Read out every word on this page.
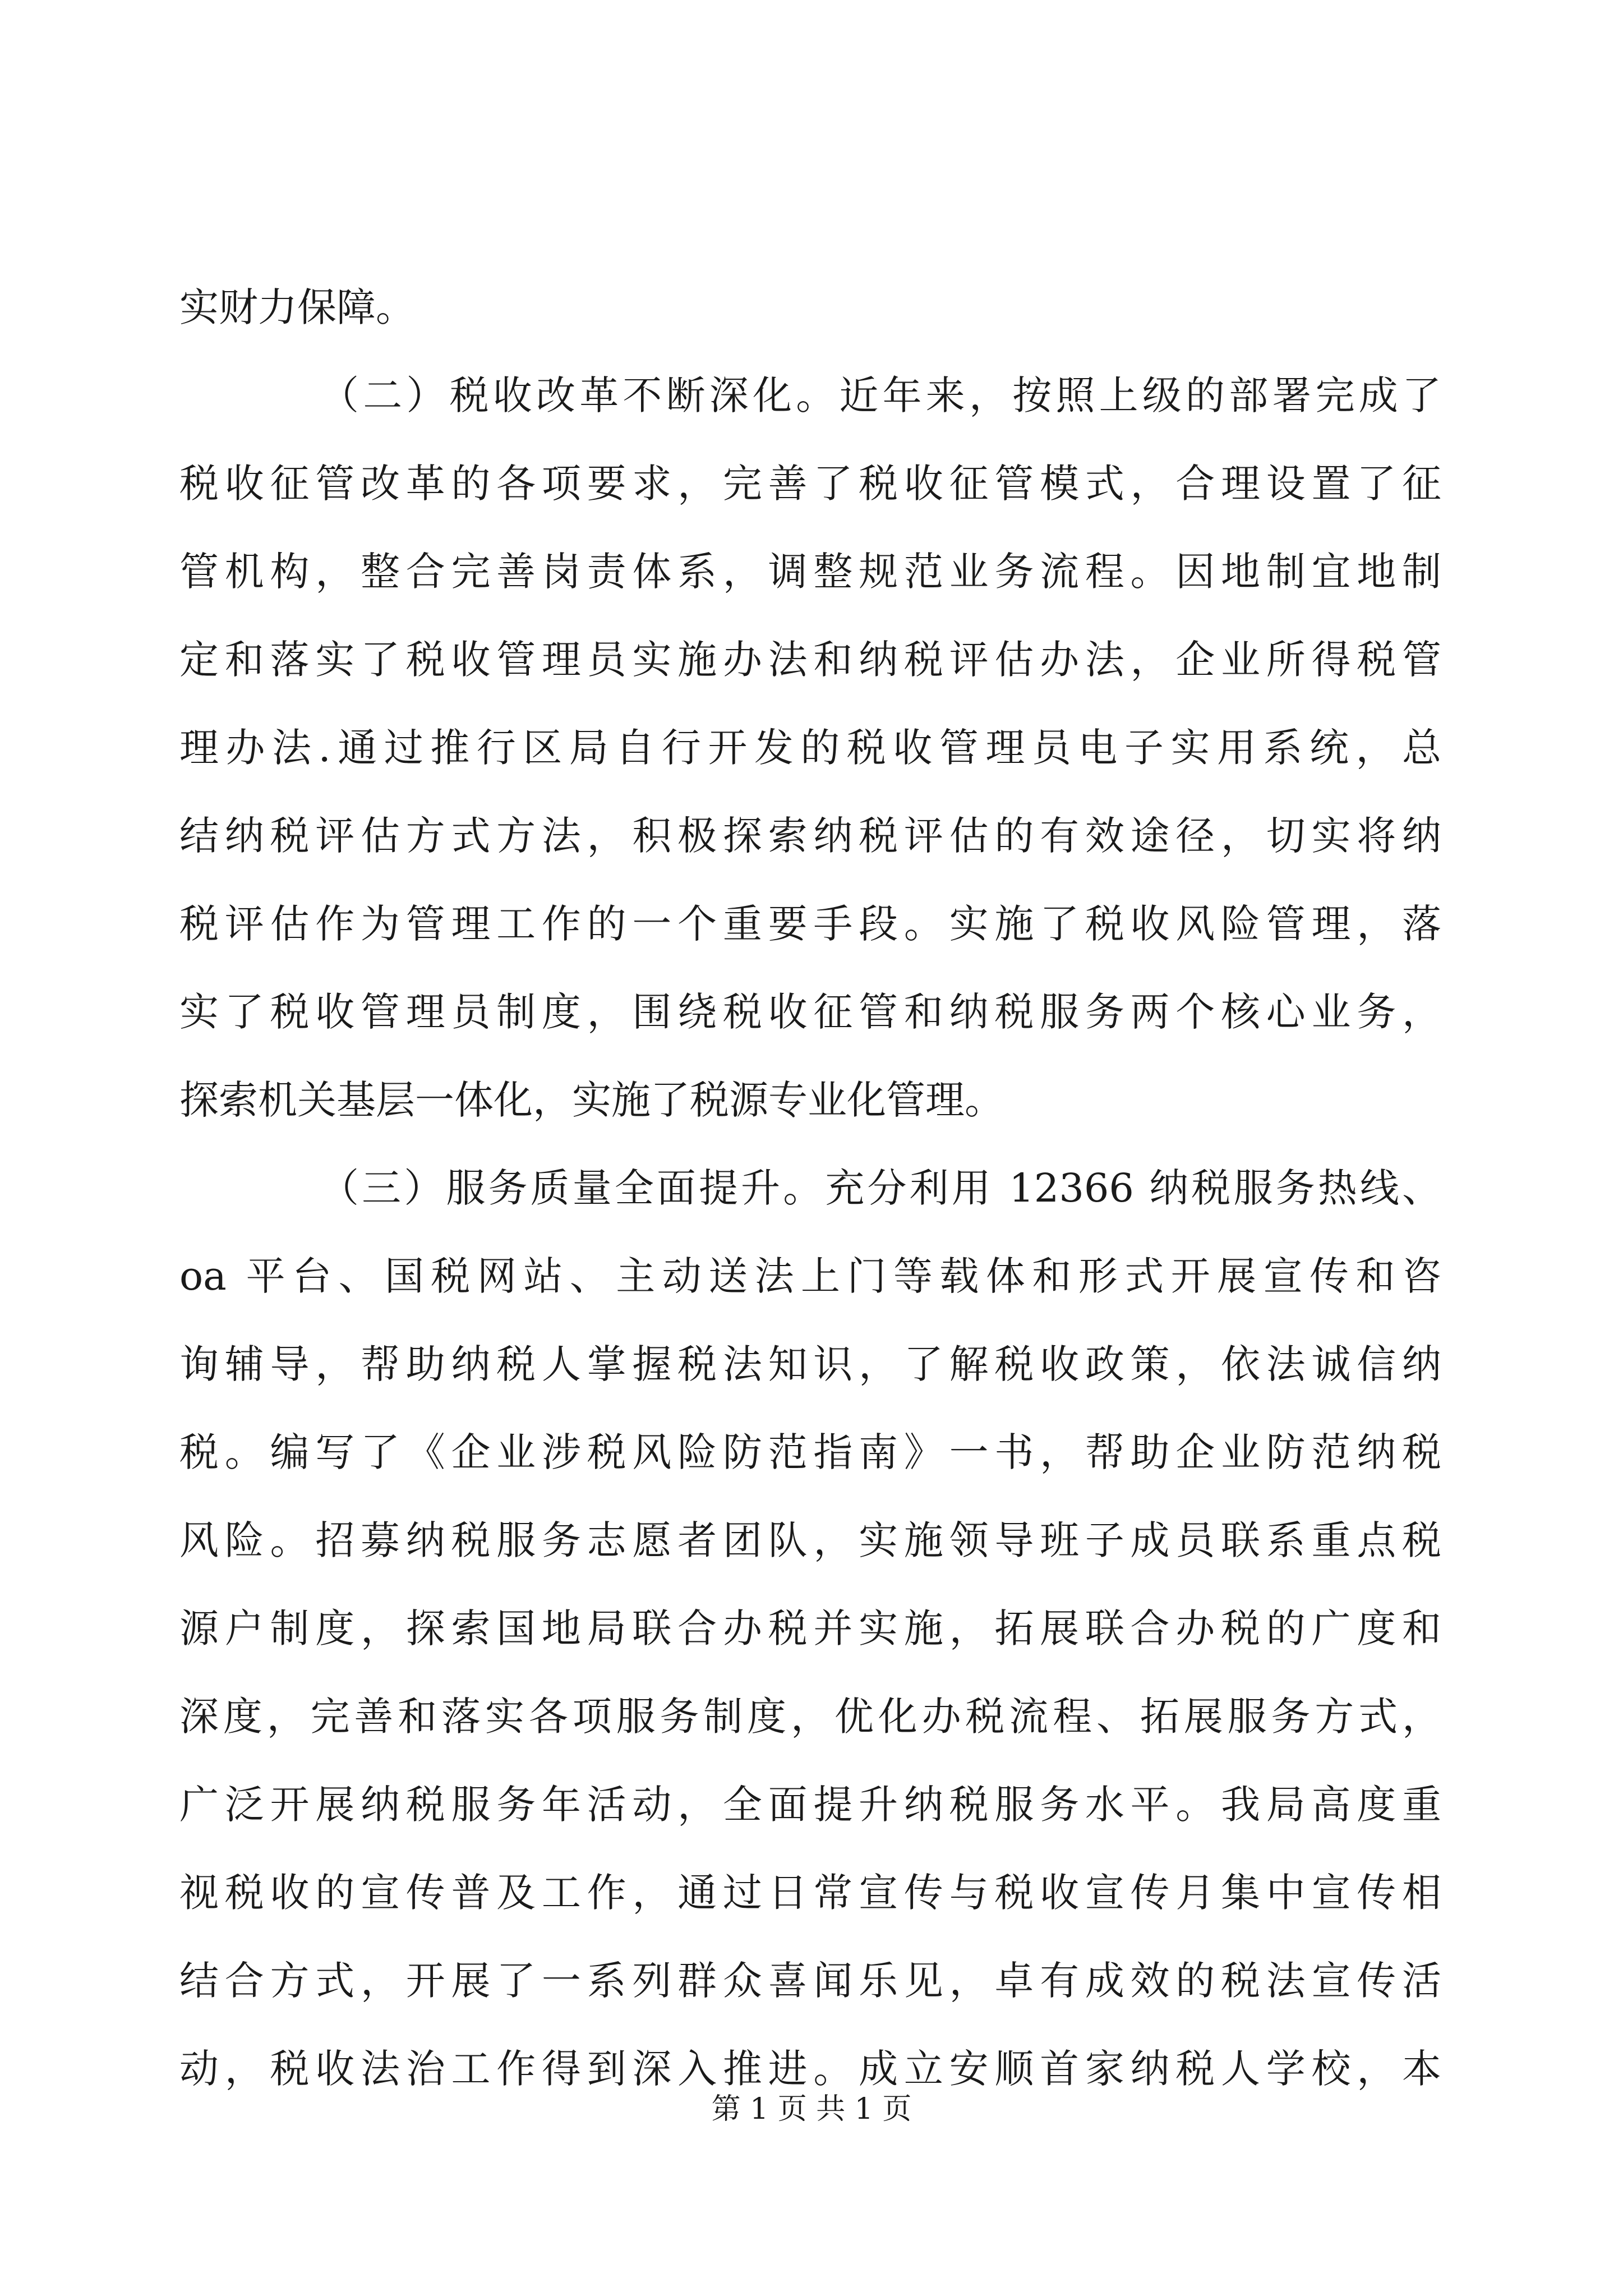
实财力保障。
（二）税收改革不断深化。近年来，按照上级的部署完成了
税收征管改革的各项要求，完善了税收征管模式，合理设置了征
管机构，整合完善岗责体系，调整规范业务流程。因地制宜地制
定和落实了税收管理员实施办法和纳税评估办法，企业所得税管
理办法.通过推行区局自行开发的税收管理员电子实用系统，总
结纳税评估方式方法，积极探索纳税评估的有效途径，切实将纳
税评估作为管理工作的一个重要手段。实施了税收风险管理，落
实了税收管理员制度，围绕税收征管和纳税服务两个核心业务，
探索机关基层一体化，实施了税源专业化管理。
（三）服务质量全面提升。充分利用 12366 纳税服务热线、
oa 平台、国税网站、主动送法上门等载体和形式开展宣传和咨
询辅导，帮助纳税人掌握税法知识，了解税收政策，依法诚信纳
税。编写了《企业涉税风险防范指南》一书，帮助企业防范纳税
风险。招募纳税服务志愿者团队，实施领导班子成员联系重点税
源户制度，探索国地局联合办税并实施，拓展联合办税的广度和
深度，完善和落实各项服务制度，优化办税流程、拓展服务方式，
广泛开展纳税服务年活动，全面提升纳税服务水平。我局高度重
视税收的宣传普及工作，通过日常宣传与税收宣传月集中宣传相
结合方式，开展了一系列群众喜闻乐见，卓有成效的税法宣传活
动，税收法治工作得到深入推进。成立安顺首家纳税人学校，本
第 1 页 共 1 页
